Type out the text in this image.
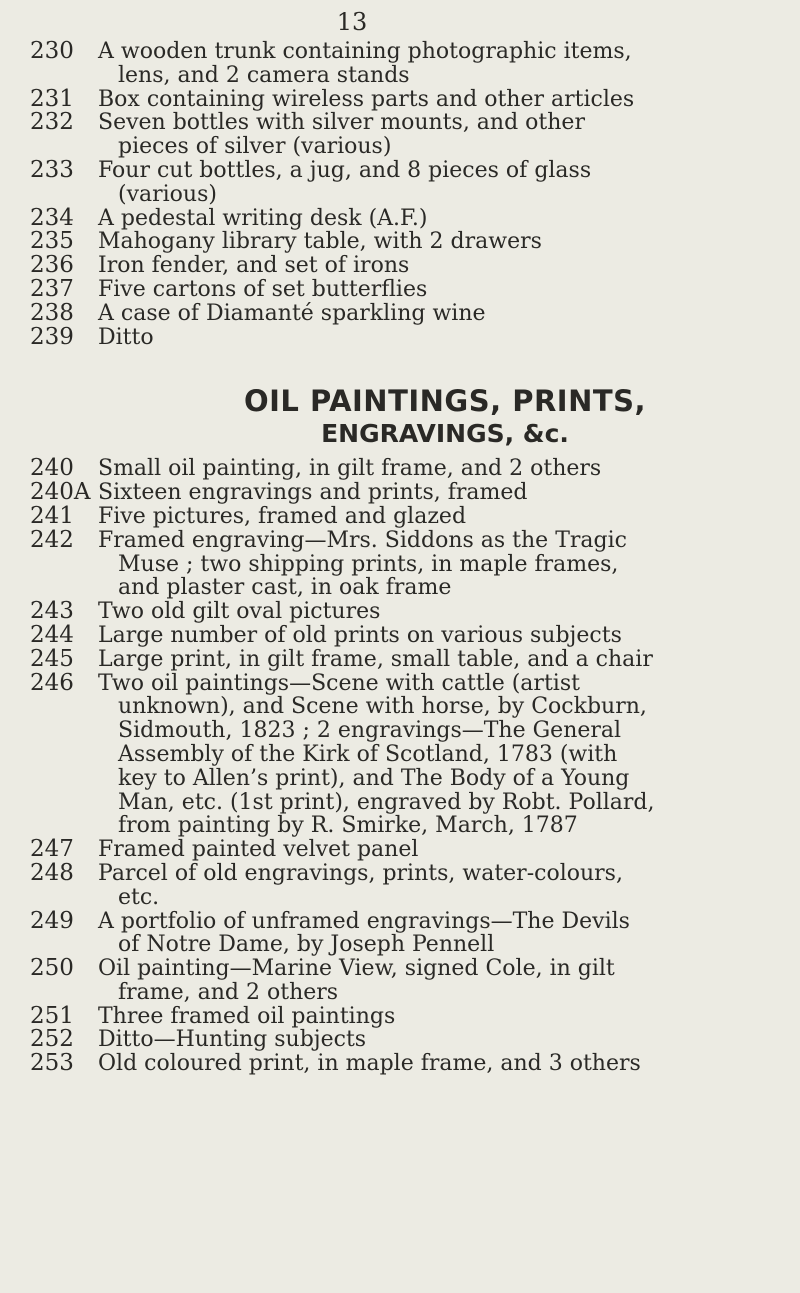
13
230 A wooden trunk containing photographic items,
lens, and 2 camera stands
231 Box containing wireless parts and other articles
232 Seven bottles with silver mounts, and other
pieces of silver (various)
233 Four cut bottles, a jug, and 8 pieces of glass
(various)
234 A pedestal writing desk (A.F.)
235 Mahogany library table, with 2 drawers
236 Iron fender, and set of irons
237 Five cartons of set butterflies
238 A case of Diamanté sparkling wine
239 Ditto
OIL PAINTINGS, PRINTS,
ENGRAVINGS, &c.
240 Small oil painting, in gilt frame, and 2 others
240A Sixteen engravings and prints, framed
241 Five pictures, framed and glazed
242 Framed engraving—Mrs. Siddons as the Tragic
Muse ; two shipping prints, in maple frames,
and plaster cast, in oak frame
243 Two old gilt oval pictures
244 Large number of old prints on various subjects
245 Large print, in gilt frame, small table, and a chair
246 Two oil paintings—Scene with cattle (artist
unknown), and Scene with horse, by Cockburn,
Sidmouth, 1823 ; 2 engravings—The General
Assembly of the Kirk of Scotland, 1783 (with
key to Allen’s print), and The Body of a Young
Man, etc. (1st print), engraved by Robt. Pollard,
from painting by R. Smirke, March, 1787
247 Framed painted velvet panel
248 Parcel of old engravings, prints, water-colours,
etc.
249 A portfolio of unframed engravings—The Devils
of Notre Dame, by Joseph Pennell
250 Oil painting—Marine View, signed Cole, in gilt
frame, and 2 others
251 Three framed oil paintings
252 Ditto—Hunting subjects
253 Old coloured print, in maple frame, and 3 others
